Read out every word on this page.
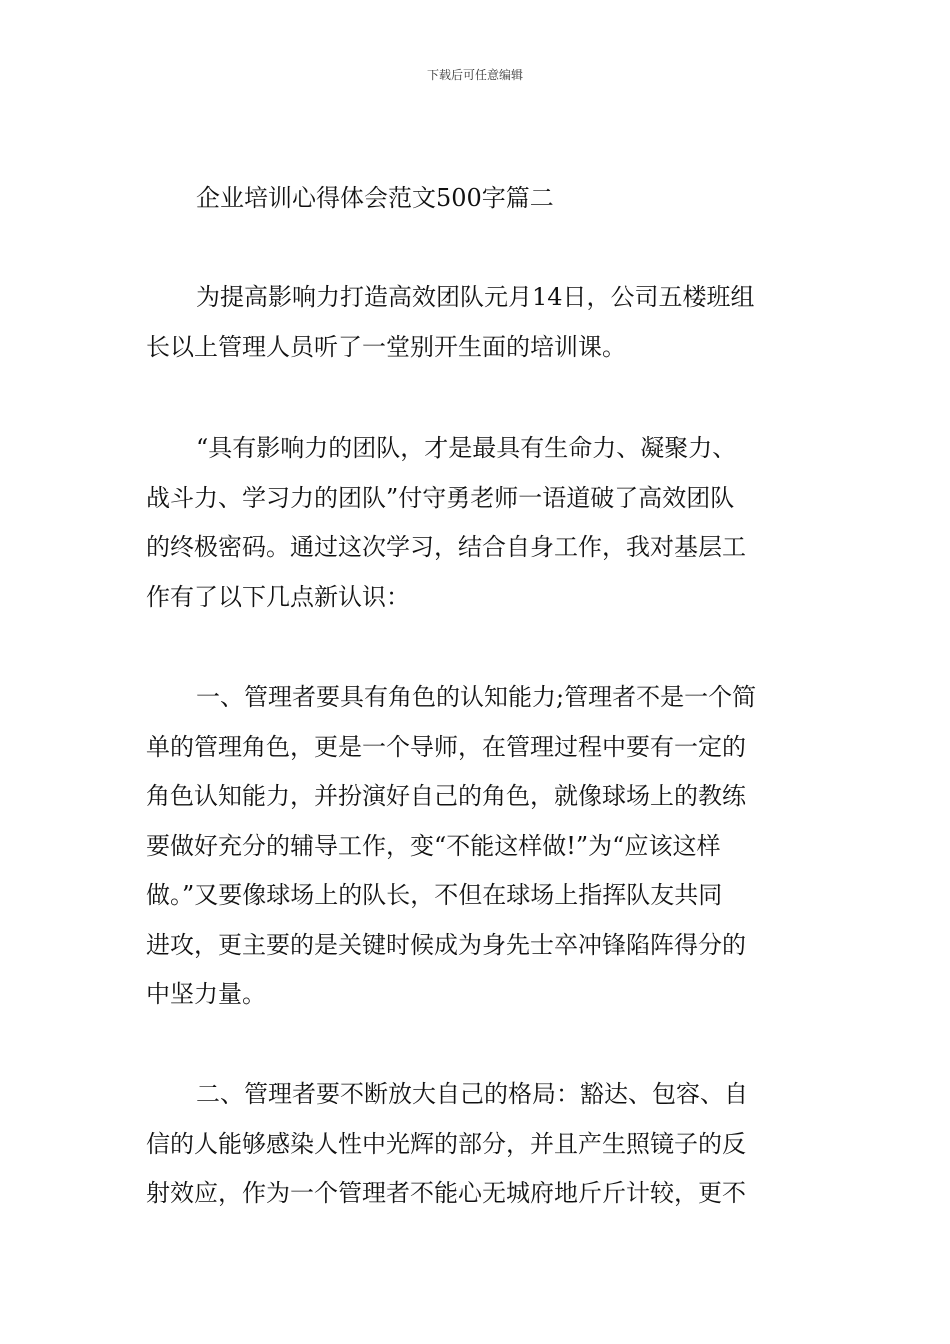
下载后可任意编辑
企业培训心得体会范文500字篇二
为提高影响力打造高效团队元月14日，公司五楼班组
长以上管理人员听了一堂别开生面的培训课。
“具有影响力的团队，才是最具有生命力、凝聚力、
战斗力、学习力的团队”付守勇老师一语道破了高效团队
的终极密码。通过这次学习，结合自身工作，我对基层工
作有了以下几点新认识：
一、管理者要具有角色的认知能力;管理者不是一个简
单的管理角色，更是一个导师，在管理过程中要有一定的
角色认知能力，并扮演好自己的角色，就像球场上的教练
要做好充分的辅导工作，变“不能这样做!”为“应该这样
做。”又要像球场上的队长，不但在球场上指挥队友共同
进攻，更主要的是关键时候成为身先士卒冲锋陷阵得分的
中坚力量。
二、管理者要不断放大自己的格局：豁达、包容、自
信的人能够感染人性中光辉的部分，并且产生照镜子的反
射效应，作为一个管理者不能心无城府地斤斤计较，更不
